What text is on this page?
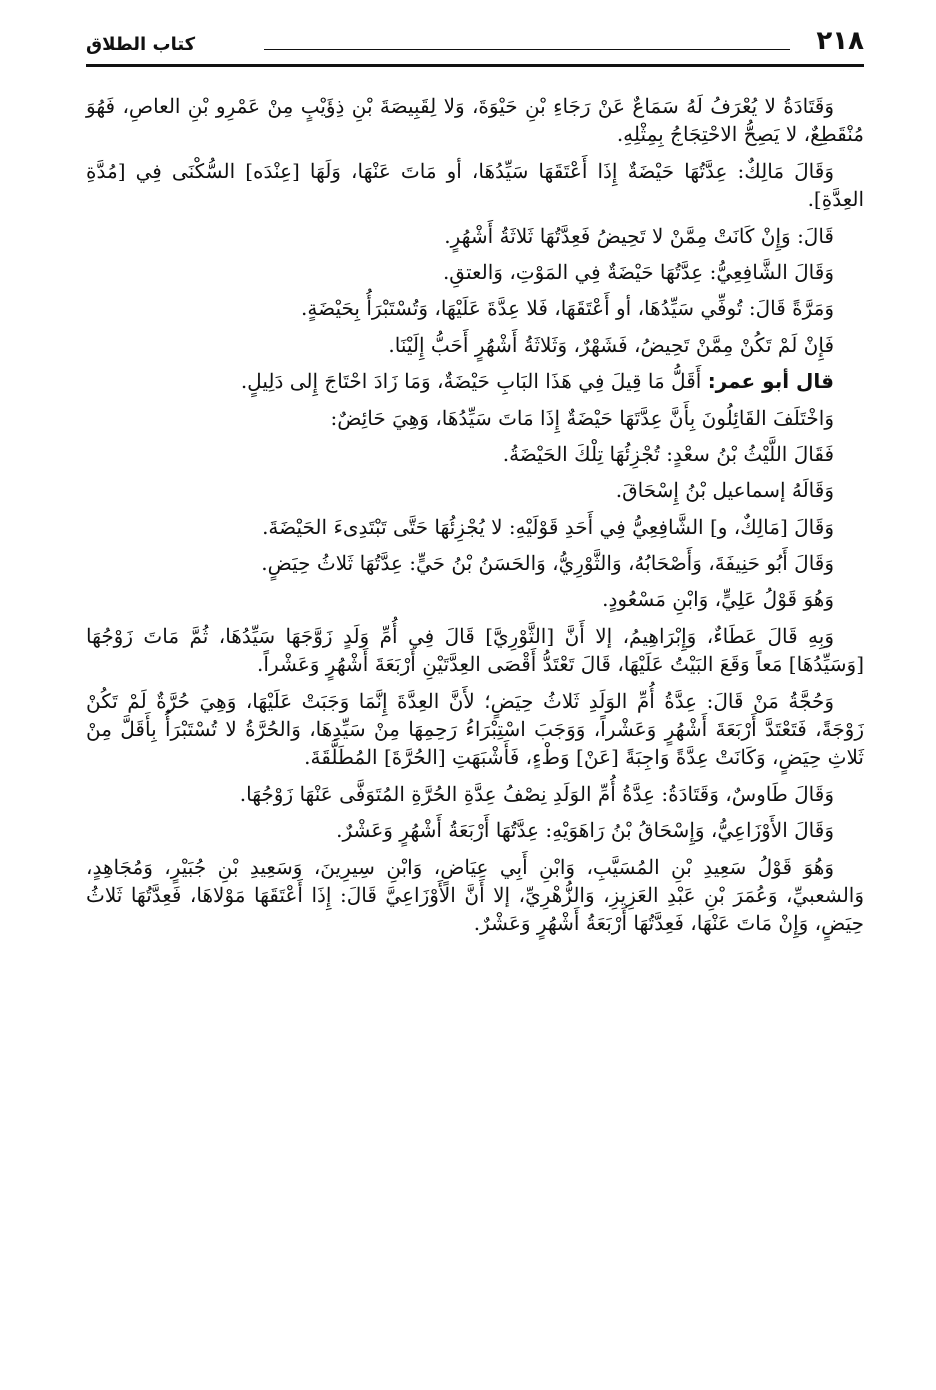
٢١٨
كتاب الطلاق

وَقَتَادَةُ لا يُعْرَفُ لَهُ سَمَاعٌ عَنْ رَجَاءِ بْنِ حَيْوَةَ، وَلا لِقَبِيصَةَ بْنِ ذِؤَيْبٍ مِنْ عَمْرِو بْنِ العاصِ، فَهُوَ مُنْقَطِعٌ، لا يَصِحُّ الاحْتِجَاجُ بِمِثْلِهِ.

وَقَالَ مَالِكٌ: عِدَّتُهَا حَيْضَةٌ إِذَا أَعْتَقَهَا سَيِّدُهَا، أو مَاتَ عَنْهَا، وَلَهَا [عِنْدَه] السُّكْنَى فِي [مُدَّةِ العِدَّةِ].

قَالَ: وَإِنْ كَانَتْ مِمَّنْ لا تَحِيضُ فَعِدَّتُهَا ثَلاثَةُ أَشْهُرٍ.

وَقَالَ الشَّافِعِيُّ: عِدَّتُهَا حَيْضَةٌ فِي المَوْتِ، وَالعتقِ.

وَمَرَّةً قَالَ: تُوفِّي سَيِّدُهَا، أو أَعْتَقَهَا، فَلا عِدَّةَ عَلَيْهَا، وَتُسْتَبْرَأُ بِحَيْضَةٍ.

فَإِنْ لَمْ تَكُنْ مِمَّنْ تَحِيضُ، فَشَهْرٌ، وَثَلاثَةُ أَشْهُرٍ أَحَبُّ إِلَيْنَا.

قال أبو عمر: أَقَلُّ مَا قِيلَ فِي هَذَا البَابِ حَيْضَةٌ، وَمَا زَادَ احْتَاجَ إِلى دَلِيلٍ.

وَاخْتَلَفَ القَائِلُونَ بِأَنَّ عِدَّتَهَا حَيْضَةٌ إِذَا مَاتَ سَيِّدُهَا، وَهِيَ حَائِضٌ:

فَقَالَ اللَّيْثُ بْنُ سعْدٍ: تُجْزِئُهَا تِلْكَ الحَيْضَةُ.

وَقَالَهُ إسماعيل بْنُ إِسْحَاقَ.

وَقَالَ [مَالِكٌ، و] الشَّافِعِيُّ فِي أَحَدِ قَوْلَيْهِ: لا يُجْزِئُهَا حَتَّى تَبْتَدِىءَ الحَيْضَةَ.

وَقَالَ أَبُو حَنِيفَةَ، وَأَصْحَابُهُ، وَالثَّوْرِيُّ، وَالحَسَنُ بْنُ حَيٍّ: عِدَّتُهَا ثَلاثُ حِيَضٍ.

وَهُوَ قَوْلُ عَلِيٍّ، وَابْنِ مَسْعُودٍ.

وَبِهِ قَالَ عَطَاءٌ، وَإِبْرَاهِيمُ، إلا أَنَّ [الثَّوْرِيَّ] قَالَ فِي أُمِّ وَلَدٍ زَوَّجَهَا سَيِّدُهَا، ثُمَّ مَاتَ زَوْجُهَا [وَسَيِّدُهَا] مَعاً وَقَعَ البَيْتُ عَلَيْهَا، قَالَ تَعْتَدُّ أَقْصَى العِدَّتَيْنِ أَرْبَعَةَ أَشْهُرٍ وَعَشْراً.

وَحُجَّةُ مَنْ قَالَ: عِدَّةُ أُمِّ الوَلَدِ ثَلاثُ حِيَضٍ؛ لأَنَّ العِدَّةَ إِنَّمَا وَجَبَتْ عَلَيْهَا، وَهِيَ حُرَّةٌ لَمْ تَكُنْ زَوْجَةً، فَتَعْتَدَّ أَرْبَعَةَ أَشْهُرٍ وَعَشْراً، وَوَجَبَ اسْتِبْرَاءُ رَحِمِهَا مِنْ سَيِّدِهَا، وَالحُرَّةُ لا تُسْتَبْرَأُ بِأَقَلَّ مِنْ ثَلاثِ حِيَضٍ، وَكَانَتْ عِدَّةً وَاجِبَةً [عَنْ] وَطْءٍ، فَأَشْبَهَتِ [الحُرَّةَ] المُطَلَّقَةَ.

وَقَالَ طَاوسٌ، وَقَتَادَةُ: عِدَّةُ أُمِّ الوَلَدِ نِصْفُ عِدَّةِ الحُرَّةِ المُتَوَفَّى عَنْهَا زَوْجُهَا.

وَقَالَ الأَوْزَاعِيُّ، وَإِسْحَاقُ بْنُ رَاهَوَيْهِ: عِدَّتُهَا أَرْبَعَةُ أَشْهُرٍ وَعَشْرٌ.

وَهُوَ قَوْلُ سَعِيدِ بْنِ المُسَيَّبِ، وَابْنِ أَبِي عِيَاضٍ، وَابْنِ سِيرِينَ، وَسَعِيدِ بْنِ جُبَيْرٍ، وَمُجَاهِدٍ، وَالشعبيِّ، وَعُمَرَ بْنِ عَبْدِ العَزِيزِ، وَالزُّهْرِيِّ، إلا أَنَّ الأَوْزَاعِيَّ قَالَ: إِذَا أَعْتَقَهَا مَوْلاهَا، فَعِدَّتُهَا ثَلاثُ حِيَضٍ، وَإِنْ مَاتَ عَنْهَا، فَعِدَّتُهَا أَرْبَعَةُ أَشْهُرٍ وَعَشْرٌ.
